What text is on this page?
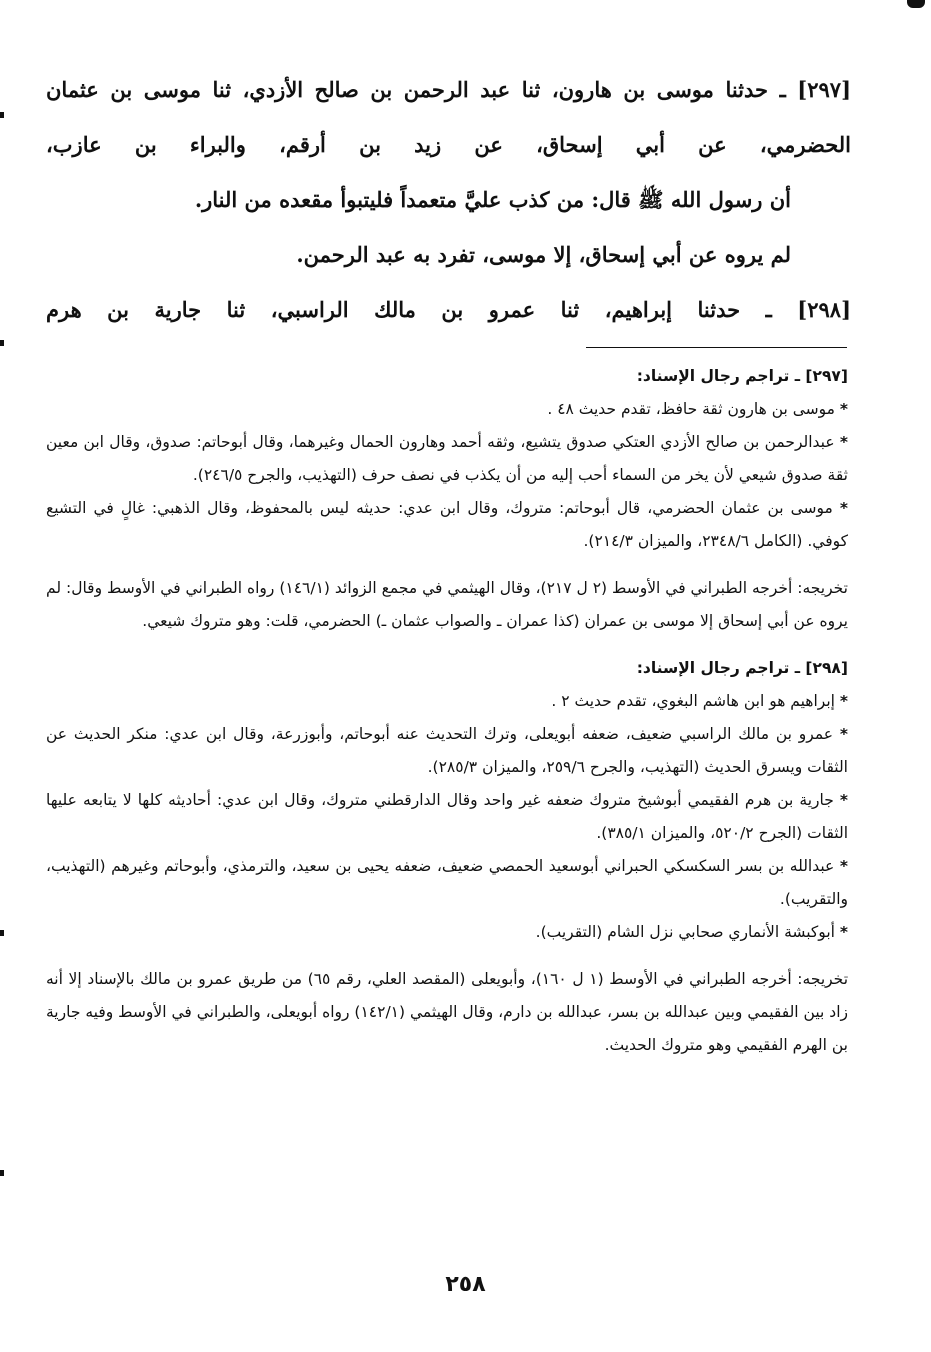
[٢٩٧] ـ حدثنا موسى بن هارون، ثنا عبد الرحمن بن صالح الأزدي، ثنا موسى بن عثمان الحضرمي، عن أبي إسحاق، عن زيد بن أرقم، والبراء بن عازب،

أن رسول الله ﷺ قال: من كذب عليَّ متعمداً فليتبوأ مقعده من النار.

لم يروه عن أبي إسحاق، إلا موسى، تفرد به عبد الرحمن.

[٢٩٨] ـ حدثنا إبراهيم، ثنا عمرو بن مالك الراسبي، ثنا جارية بن هرم

[٢٩٧] ـ تراجم رجال الإسناد:

* موسى بن هارون ثقة حافظ، تقدم حديث ٤٨ .

* عبدالرحمن بن صالح الأزدي العتكي صدوق يتشيع، وثقه أحمد وهارون الحمال وغيرهما، وقال أبوحاتم: صدوق، وقال ابن معين ثقة صدوق شيعي لأن يخر من السماء أحب إليه من أن يكذب في نصف حرف (التهذيب، والجرح ٢٤٦/٥).

* موسى بن عثمان الحضرمي، قال أبوحاتم: متروك، وقال ابن عدي: حديثه ليس بالمحفوظ، وقال الذهبي: غالٍ في التشيع كوفي. (الكامل ٢٣٤٨/٦، والميزان ٢١٤/٣).

تخريجه: أخرجه الطبراني في الأوسط (٢ ل ٢١٧)، وقال الهيثمي في مجمع الزوائد (١٤٦/١) رواه الطبراني في الأوسط وقال: لم يروه عن أبي إسحاق إلا موسى بن عمران (كذا عمران ـ والصواب عثمان ـ) الحضرمي، قلت: وهو متروك شيعي.

[٢٩٨] ـ تراجم رجال الإسناد:

* إبراهيم هو ابن هاشم البغوي، تقدم حديث ٢ .

* عمرو بن مالك الراسبي ضعيف، ضعفه أبويعلى، وترك التحديث عنه أبوحاتم، وأبوزرعة، وقال ابن عدي: منكر الحديث عن الثقات ويسرق الحديث (التهذيب، والجرح ٢٥٩/٦، والميزان ٢٨٥/٣).

* جارية بن هرم الفقيمي أبوشيخ متروك ضعفه غير واحد وقال الدارقطني متروك، وقال ابن عدي: أحاديثه كلها لا يتابعه عليها الثقات (الجرح ٥٢٠/٢، والميزان ٣٨٥/١).

* عبدالله بن بسر السكسكي الحبراني أبوسعيد الحمصي ضعيف، ضعفه يحيى بن سعيد، والترمذي، وأبوحاتم وغيرهم (التهذيب، والتقريب).

* أبوكبشة الأنماري صحابي نزل الشام (التقريب).

تخريجه: أخرجه الطبراني في الأوسط (١ ل ١٦٠)، وأبويعلى (المقصد العلي، رقم ٦٥) من طريق عمرو بن مالك بالإسناد إلا أنه زاد بين الفقيمي وبين عبدالله بن بسر، عبدالله بن دارم، وقال الهيثمي (١٤٢/١) رواه أبويعلى، والطبراني في الأوسط وفيه جارية بن الهرم الفقيمي وهو متروك الحديث.

٢٥٨
